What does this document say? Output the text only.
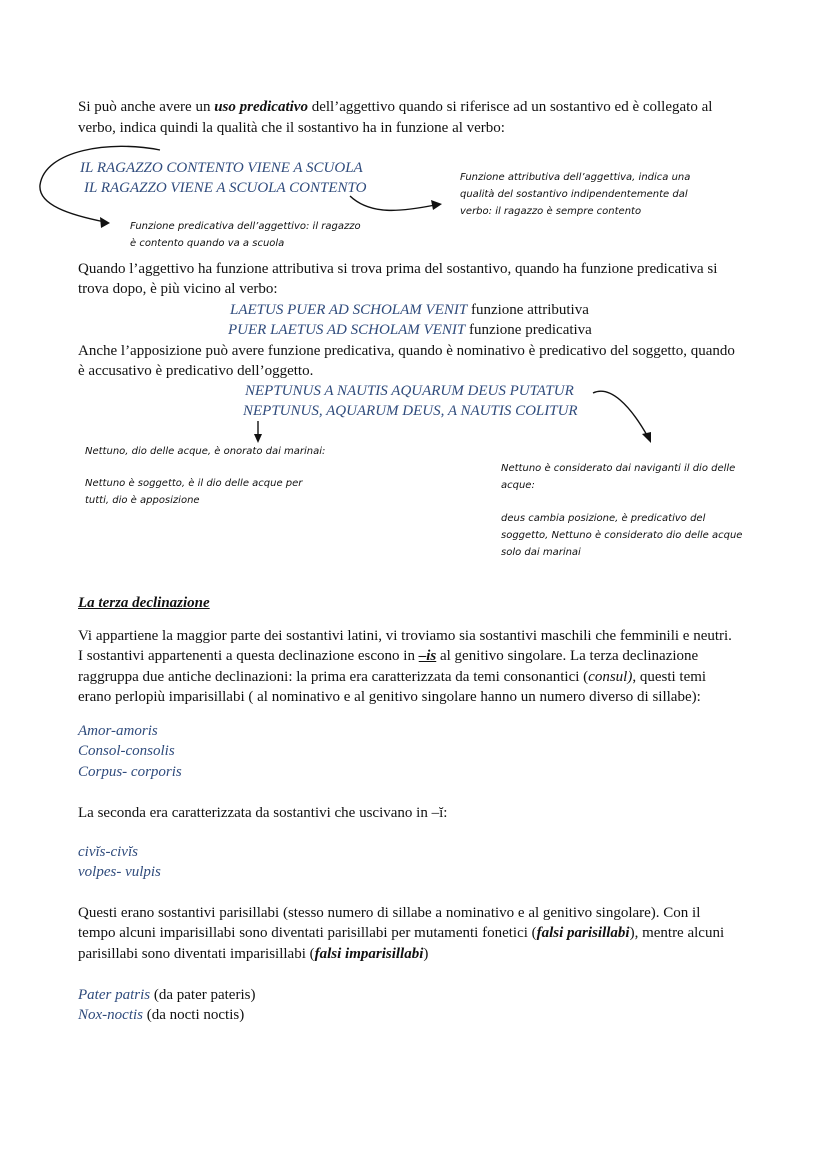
Si può anche avere un uso predicativo dell’aggettivo quando si riferisce ad un sostantivo ed è collegato al
verbo, indica quindi la qualità che il sostantivo ha in funzione al verbo:
IL RAGAZZO CONTENTO VIENE A SCUOLA
IL RAGAZZO VIENE A SCUOLA CONTENTO
Funzione attributiva dell’aggettiva, indica una
qualità del sostantivo indipendentemente dal
verbo: il ragazzo è sempre contento
Funzione predicativa dell’aggettivo: il ragazzo
è contento quando va a scuola
Quando l’aggettivo ha funzione attributiva si trova prima del sostantivo, quando ha funzione predicativa si
trova dopo, è più vicino al verbo:
LAETUS PUER AD SCHOLAM VENIT funzione attributiva
PUER LAETUS AD SCHOLAM VENIT funzione predicativa
Anche l’apposizione può avere funzione predicativa, quando è nominativo è predicativo del soggetto, quando
è accusativo è predicativo dell’oggetto.
NEPTUNUS A NAUTIS AQUARUM DEUS PUTATUR
NEPTUNUS, AQUARUM DEUS, A NAUTIS COLITUR
Nettuno, dio delle acque, è onorato dai marinai:
Nettuno è soggetto, è il dio delle acque per
tutti, dio è apposizione
Nettuno è considerato dai naviganti il dio delle
acque:
deus cambia posizione, è predicativo del
soggetto, Nettuno è considerato dio delle acque
solo dai marinai
La terza declinazione
Vi appartiene la maggior parte dei sostantivi latini, vi troviamo sia sostantivi maschili che femminili e neutri.
I sostantivi appartenenti a questa declinazione escono in –is al genitivo singolare. La terza declinazione
raggruppa due antiche declinazioni: la prima era caratterizzata da temi consonantici (consul), questi temi
erano perlopiù imparisillabi ( al nominativo e al genitivo singolare hanno un numero diverso di sillabe):
Amor-amoris
Consol-consolis
Corpus- corporis
La seconda era caratterizzata da sostantivi che uscivano in –ĭ:
civĭs-civĭs
volpes- vulpis
Questi erano sostantivi parisillabi (stesso numero di sillabe a nominativo e al genitivo singolare). Con il
tempo alcuni imparisillabi sono diventati parisillabi per mutamenti fonetici (falsi parisillabi), mentre alcuni
parisillabi sono diventati imparisillabi (falsi imparisillabi)
Pater patris (da pater pateris)
Nox-noctis (da nocti noctis)
